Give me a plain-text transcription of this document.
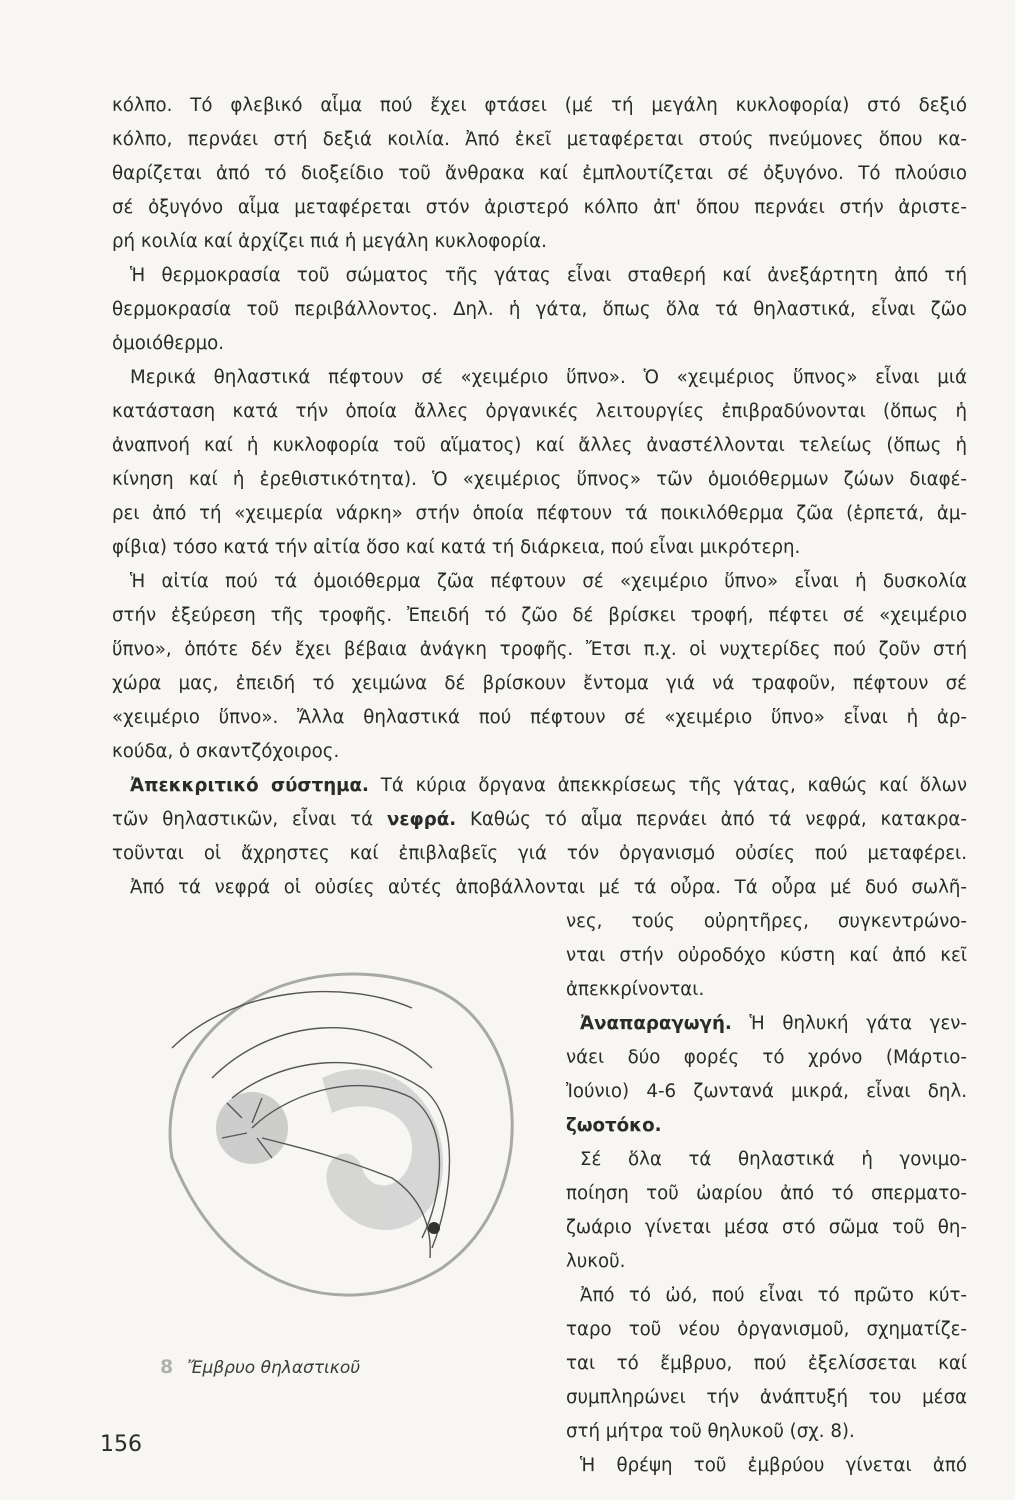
κόλπο. Τό φλεβικό αἷμα πού ἔχει φτάσει (μέ τή μεγάλη κυκλοφορία) στό δεξιό
κόλπο, περνάει στή δεξιά κοιλία. Ἀπό ἐκεῖ μεταφέρεται στούς πνεύμονες ὅπου κα-
θαρίζεται ἀπό τό διοξείδιο τοῦ ἄνθρακα καί ἐμπλουτίζεται σέ ὀξυγόνο. Τό πλούσιο
σέ ὀξυγόνο αἷμα μεταφέρεται στόν ἀριστερό κόλπο ἀπ' ὅπου περνάει στήν ἀριστε-
ρή κοιλία καί ἀρχίζει πιά ἡ μεγάλη κυκλοφορία.
Ἡ θερμοκρασία τοῦ σώματος τῆς γάτας εἶναι σταθερή καί ἀνεξάρτητη ἀπό τή
θερμοκρασία τοῦ περιβάλλοντος. Δηλ. ἡ γάτα, ὅπως ὅλα τά θηλαστικά, εἶναι ζῶο
ὁμοιόθερμο.
Μερικά θηλαστικά πέφτουν σέ «χειμέριο ὕπνο». Ὁ «χειμέριος ὕπνος» εἶναι μιά
κατάσταση κατά τήν ὁποία ἄλλες ὀργανικές λειτουργίες ἐπιβραδύνονται (ὅπως ἡ
ἀναπνοή καί ἡ κυκλοφορία τοῦ αἵματος) καί ἄλλες ἀναστέλλονται τελείως (ὅπως ἡ
κίνηση καί ἡ ἐρεθιστικότητα). Ὁ «χειμέριος ὕπνος» τῶν ὁμοιόθερμων ζώων διαφέ-
ρει ἀπό τή «χειμερία νάρκη» στήν ὁποία πέφτουν τά ποικιλόθερμα ζῶα (ἑρπετά, ἀμ-
φίβια) τόσο κατά τήν αἰτία ὅσο καί κατά τή διάρκεια, πού εἶναι μικρότερη.
Ἡ αἰτία πού τά ὁμοιόθερμα ζῶα πέφτουν σέ «χειμέριο ὕπνο» εἶναι ἡ δυσκολία
στήν ἐξεύρεση τῆς τροφῆς. Ἐπειδή τό ζῶο δέ βρίσκει τροφή, πέφτει σέ «χειμέριο
ὕπνο», ὁπότε δέν ἔχει βέβαια ἀνάγκη τροφῆς. Ἔτσι π.χ. οἱ νυχτερίδες πού ζοῦν στή
χώρα μας, ἐπειδή τό χειμώνα δέ βρίσκουν ἔντομα γιά νά τραφοῦν, πέφτουν σέ
«χειμέριο ὕπνο». Ἄλλα θηλαστικά πού πέφτουν σέ «χειμέριο ὕπνο» εἶναι ἡ ἀρ-
κούδα, ὁ σκαντζόχοιρος.
Ἀπεκκριτικό σύστημα. Τά κύρια ὄργανα ἀπεκκρίσεως τῆς γάτας, καθώς καί ὅλων
τῶν θηλαστικῶν, εἶναι τά νεφρά. Καθώς τό αἷμα περνάει ἀπό τά νεφρά, κατακρα-
τοῦνται οἱ ἄχρηστες καί ἐπιβλαβεῖς γιά τόν ὀργανισμό οὐσίες πού μεταφέρει.
Ἀπό τά νεφρά οἱ οὐσίες αὐτές ἀποβάλλονται μέ τά οὖρα. Τά οὖρα μέ δυό σωλῆ-
νες, τούς οὐρητῆρες, συγκεντρώνο-
νται στήν οὐροδόχο κύστη καί ἀπό κεῖ
ἀπεκκρίνονται.
Ἀναπαραγωγή. Ἡ θηλυκή γάτα γεν-
νάει δύο φορές τό χρόνο (Μάρτιο-
Ἰούνιο) 4-6 ζωντανά μικρά, εἶναι δηλ.
ζωοτόκο.
Σέ ὅλα τά θηλαστικά ἡ γονιμο-
ποίηση τοῦ ὠαρίου ἀπό τό σπερματο-
ζωάριο γίνεται μέσα στό σῶμα τοῦ θη-
λυκοῦ.
Ἀπό τό ὠό, πού εἶναι τό πρῶτο κύτ-
ταρο τοῦ νέου ὀργανισμοῦ, σχηματίζε-
ται τό ἔμβρυο, πού ἐξελίσσεται καί
συμπληρώνει τήν ἀνάπτυξή του μέσα
στή μήτρα τοῦ θηλυκοῦ (σχ. 8).
Ἡ θρέψη τοῦ ἐμβρύου γίνεται ἀπό
8 Ἔμβρυο θηλαστικοῦ
156
